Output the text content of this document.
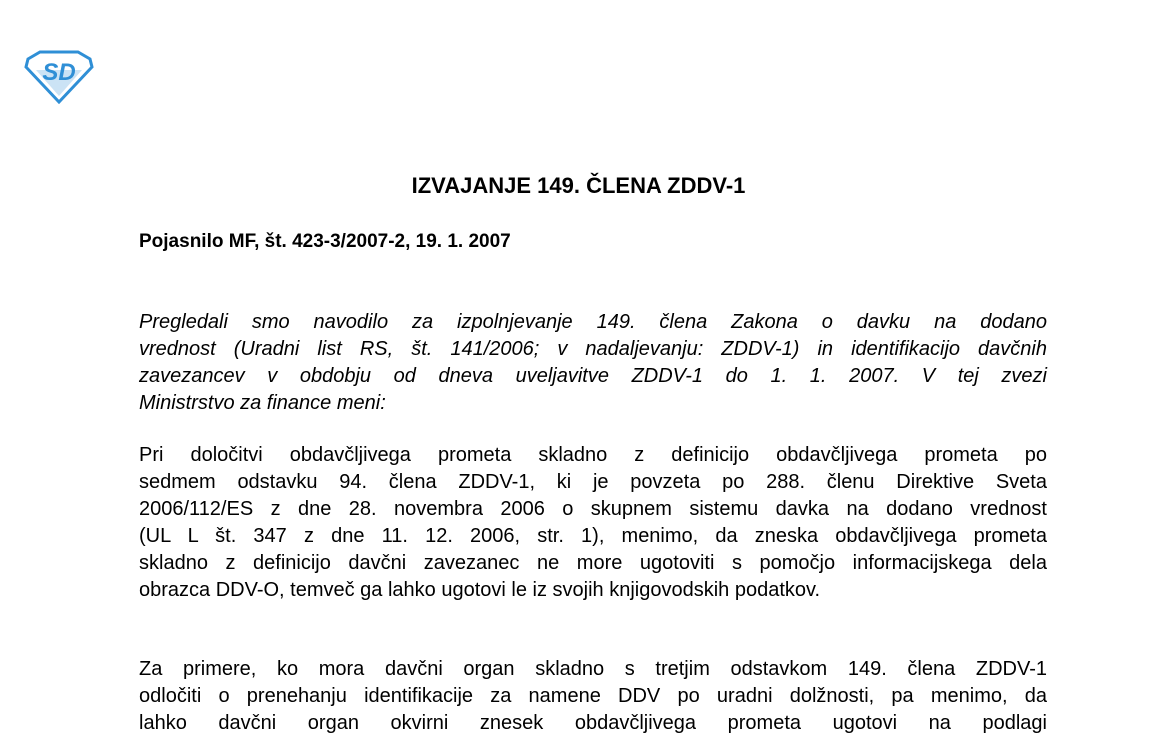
SD
IZVAJANJE 149. ČLENA ZDDV-1

Pojasnilo MF, št. 423-3/2007-2, 19. 1. 2007

Pregledali smo navodilo za izpolnjevanje 149. člena Zakona o davku na dodano
vrednost (Uradni list RS, št. 141/2006; v nadaljevanju: ZDDV-1) in identifikacijo davčnih
zavezancev v obdobju od dneva uveljavitve ZDDV-1 do 1. 1. 2007. V tej zvezi
Ministrstvo za finance meni:

Pri določitvi obdavčljivega prometa skladno z definicijo obdavčljivega prometa po
sedmem odstavku 94. člena ZDDV-1, ki je povzeta po 288. členu Direktive Sveta
2006/112/ES z dne 28. novembra 2006 o skupnem sistemu davka na dodano vrednost
(UL L št. 347 z dne 11. 12. 2006, str. 1), menimo, da zneska obdavčljivega prometa
skladno z definicijo davčni zavezanec ne more ugotoviti s pomočjo informacijskega dela
obrazca DDV-O, temveč ga lahko ugotovi le iz svojih knjigovodskih podatkov.

Za primere, ko mora davčni organ skladno s tretjim odstavkom 149. člena ZDDV-1
odločiti o prenehanju identifikacije za namene DDV po uradni dolžnosti, pa menimo, da
lahko davčni organ okvirni znesek obdavčljivega prometa ugotovi na podlagi
